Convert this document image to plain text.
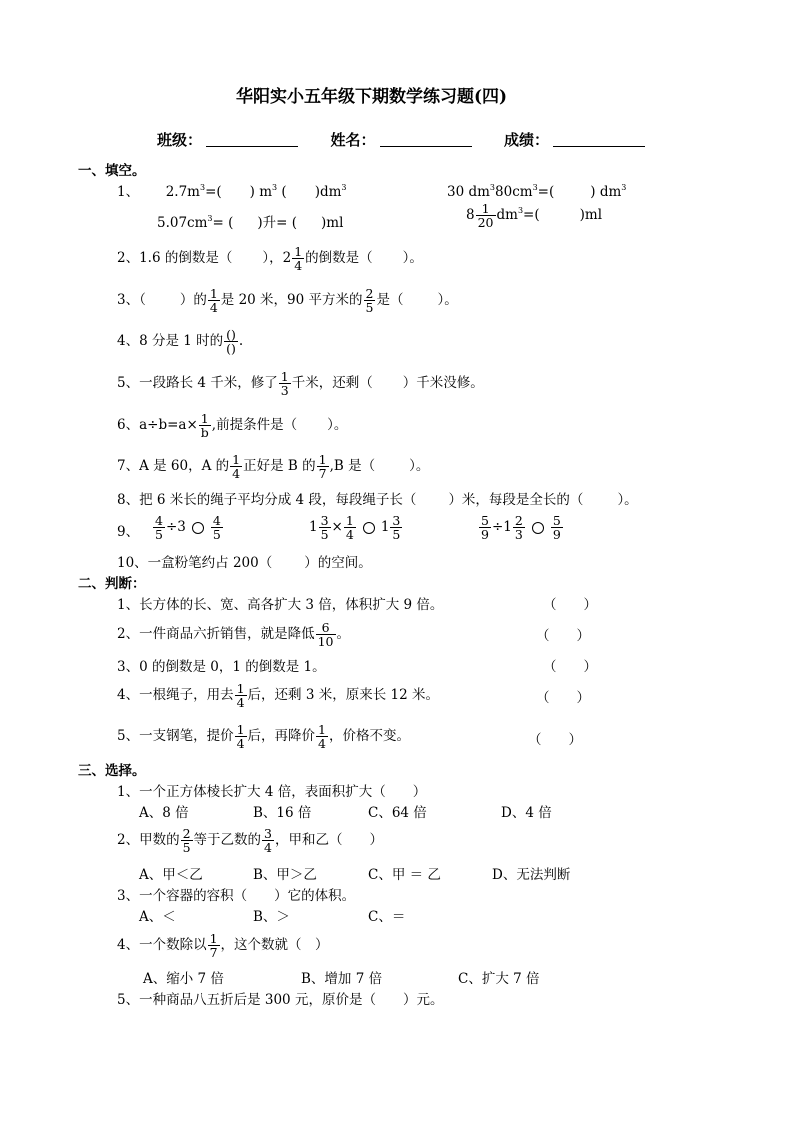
华阳实小五年级下期数学练习题(四)
班级：	姓名：	成绩：
一、填空。
1、 $2.7m^3=$( ) $m^3$ ( )$dm^3$	30 $dm^380cm^3=$(	) $dm^3$
$5.07cm^3=$ ( )升= ( )ml	$8 \frac{1}{20} dm^3=$(	)ml
2、1.6 的倒数是（ ），$2 \frac{1}{4}$ 的倒数是（ ）。
3、（	）的 $\frac{1}{4}$ 是 20 米，90 平方米的 $\frac{2}{5}$ 是（	）。
4、8 分是 1 时的 $\frac{()}{()}$ .
5、一段路长 4 千米，修了 $\frac{1}{3}$ 千米，还剩（ ）千米没修。
6、$a\div b=a\times \frac{1}{b}$ ,前提条件是（ ）。
7、A 是 60，A 的 $\frac{1}{4}$ 正好是 B 的 $\frac{1}{7} ,B$ 是（	）。
8、把 6 米长的绳子平均分成 4 段，每段绳子长（ ）米，每段是全长的（	）。
9、 $\frac{4}{5} \div 3 \frac{4}{5}$	$1 \frac{3}{5} \times \frac{1}{4} 1 \frac{3}{5}$	$\frac{5}{9} \div 1 \frac{2}{3} \frac{5}{9}$
10、一盒粉笔约占 200（ ）的空间。
二、判断：
1、长方体的长、宽、高各扩大 3 倍，体积扩大 9 倍。	（　　）
2、一件商品六折销售，就是降低 $\frac{6}{10}$ 。	（　　）
3、0 的倒数是 0，1 的倒数是 1。	（　　）
4、一根绳子，用去 $\frac{1}{4}$ 后，还剩 3 米，原来长 12 米。	（　　）
5、一支钢笔，提价 $\frac{1}{4}$ 后，再降价 $\frac{1}{4}$ ，价格不变。	（　　）
三、选择。
1、一个正方体棱长扩大 4 倍，表面积扩大（　　）
A、8 倍	B、16 倍	C、64 倍	D、4 倍
2、甲数的 $\frac{2}{5}$ 等于乙数的 $\frac{3}{4}$ ，甲和乙（　　）
A、甲＜乙	B、甲＞乙	C、甲 ＝ 乙	D、无法判断
3、一个容器的容积（　　）它的体积。
A、＜	B、＞	C、＝
4、一个数除以 $\frac{1}{7}$ ，这个数就（　）
A、缩小 7 倍	B、增加 7 倍	C、扩大 7 倍
5、一种商品八五折后是 300 元，原价是（　　）元。
